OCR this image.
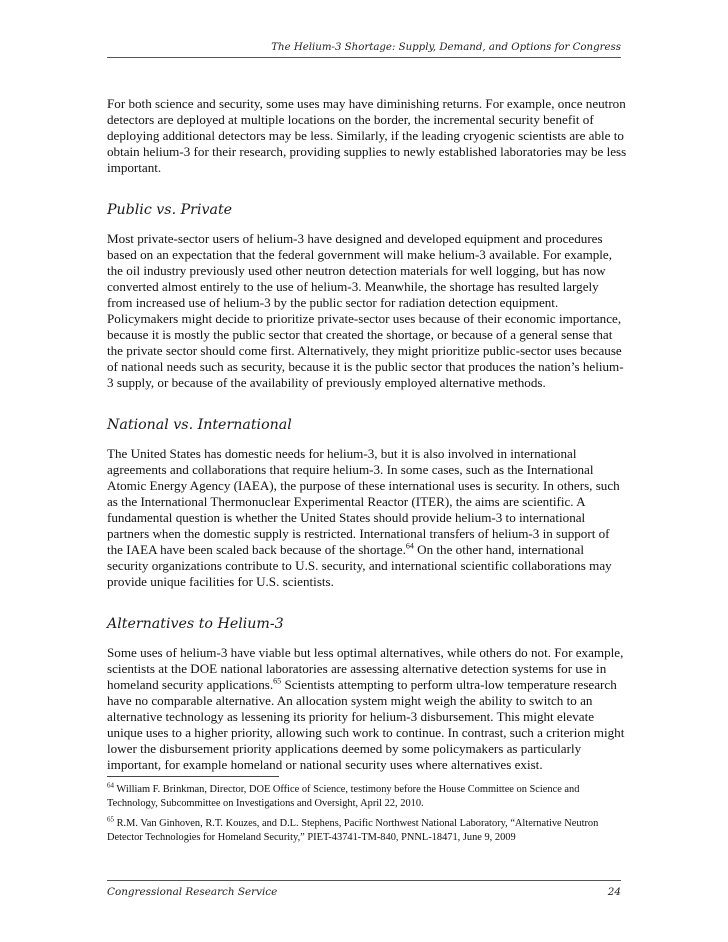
The Helium-3 Shortage: Supply, Demand, and Options for Congress

For both science and security, some uses may have diminishing returns. For example, once neutron detectors are deployed at multiple locations on the border, the incremental security benefit of deploying additional detectors may be less. Similarly, if the leading cryogenic scientists are able to obtain helium-3 for their research, providing supplies to newly established laboratories may be less important.

Public vs. Private

Most private-sector users of helium-3 have designed and developed equipment and procedures based on an expectation that the federal government will make helium-3 available. For example, the oil industry previously used other neutron detection materials for well logging, but has now converted almost entirely to the use of helium-3. Meanwhile, the shortage has resulted largely from increased use of helium-3 by the public sector for radiation detection equipment. Policymakers might decide to prioritize private-sector uses because of their economic importance, because it is mostly the public sector that created the shortage, or because of a general sense that the private sector should come first. Alternatively, they might prioritize public-sector uses because of national needs such as security, because it is the public sector that produces the nation’s helium-3 supply, or because of the availability of previously employed alternative methods.

National vs. International

The United States has domestic needs for helium-3, but it is also involved in international agreements and collaborations that require helium-3. In some cases, such as the International Atomic Energy Agency (IAEA), the purpose of these international uses is security. In others, such as the International Thermonuclear Experimental Reactor (ITER), the aims are scientific. A fundamental question is whether the United States should provide helium-3 to international partners when the domestic supply is restricted. International transfers of helium-3 in support of the IAEA have been scaled back because of the shortage.$^{64}$ On the other hand, international security organizations contribute to U.S. security, and international scientific collaborations may provide unique facilities for U.S. scientists.

Alternatives to Helium-3

Some uses of helium-3 have viable but less optimal alternatives, while others do not. For example, scientists at the DOE national laboratories are assessing alternative detection systems for use in homeland security applications.$^{65}$ Scientists attempting to perform ultra-low temperature research have no comparable alternative. An allocation system might weigh the ability to switch to an alternative technology as lessening its priority for helium-3 disbursement. This might elevate unique uses to a higher priority, allowing such work to continue. In contrast, such a criterion might lower the disbursement priority applications deemed by some policymakers as particularly important, for example homeland or national security uses where alternatives exist.

$^{64}$ William F. Brinkman, Director, DOE Office of Science, testimony before the House Committee on Science and Technology, Subcommittee on Investigations and Oversight, April 22, 2010.
$^{65}$ R.M. Van Ginhoven, R.T. Kouzes, and D.L. Stephens, Pacific Northwest National Laboratory, “Alternative Neutron Detector Technologies for Homeland Security,” PIET-43741-TM-840, PNNL-18471, June 9, 2009
Congressional Research Service	24
